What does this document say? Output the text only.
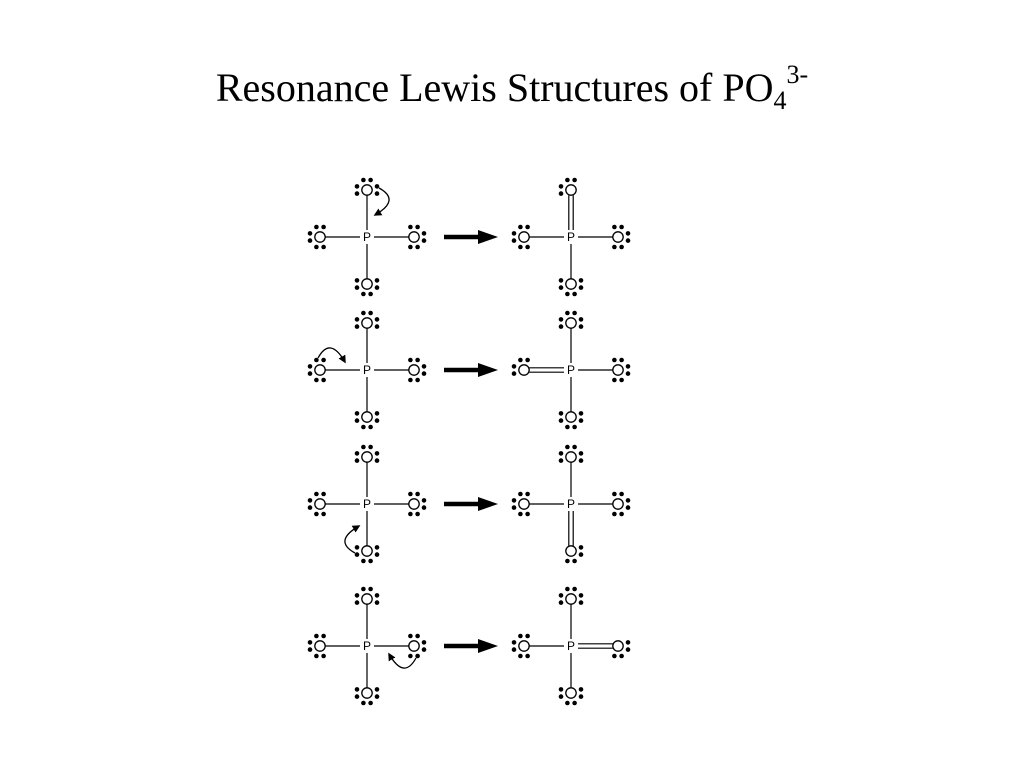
Resonance Lewis Structures of $PO_4^{3-}$
P	P
P	P
P	P
P	P
